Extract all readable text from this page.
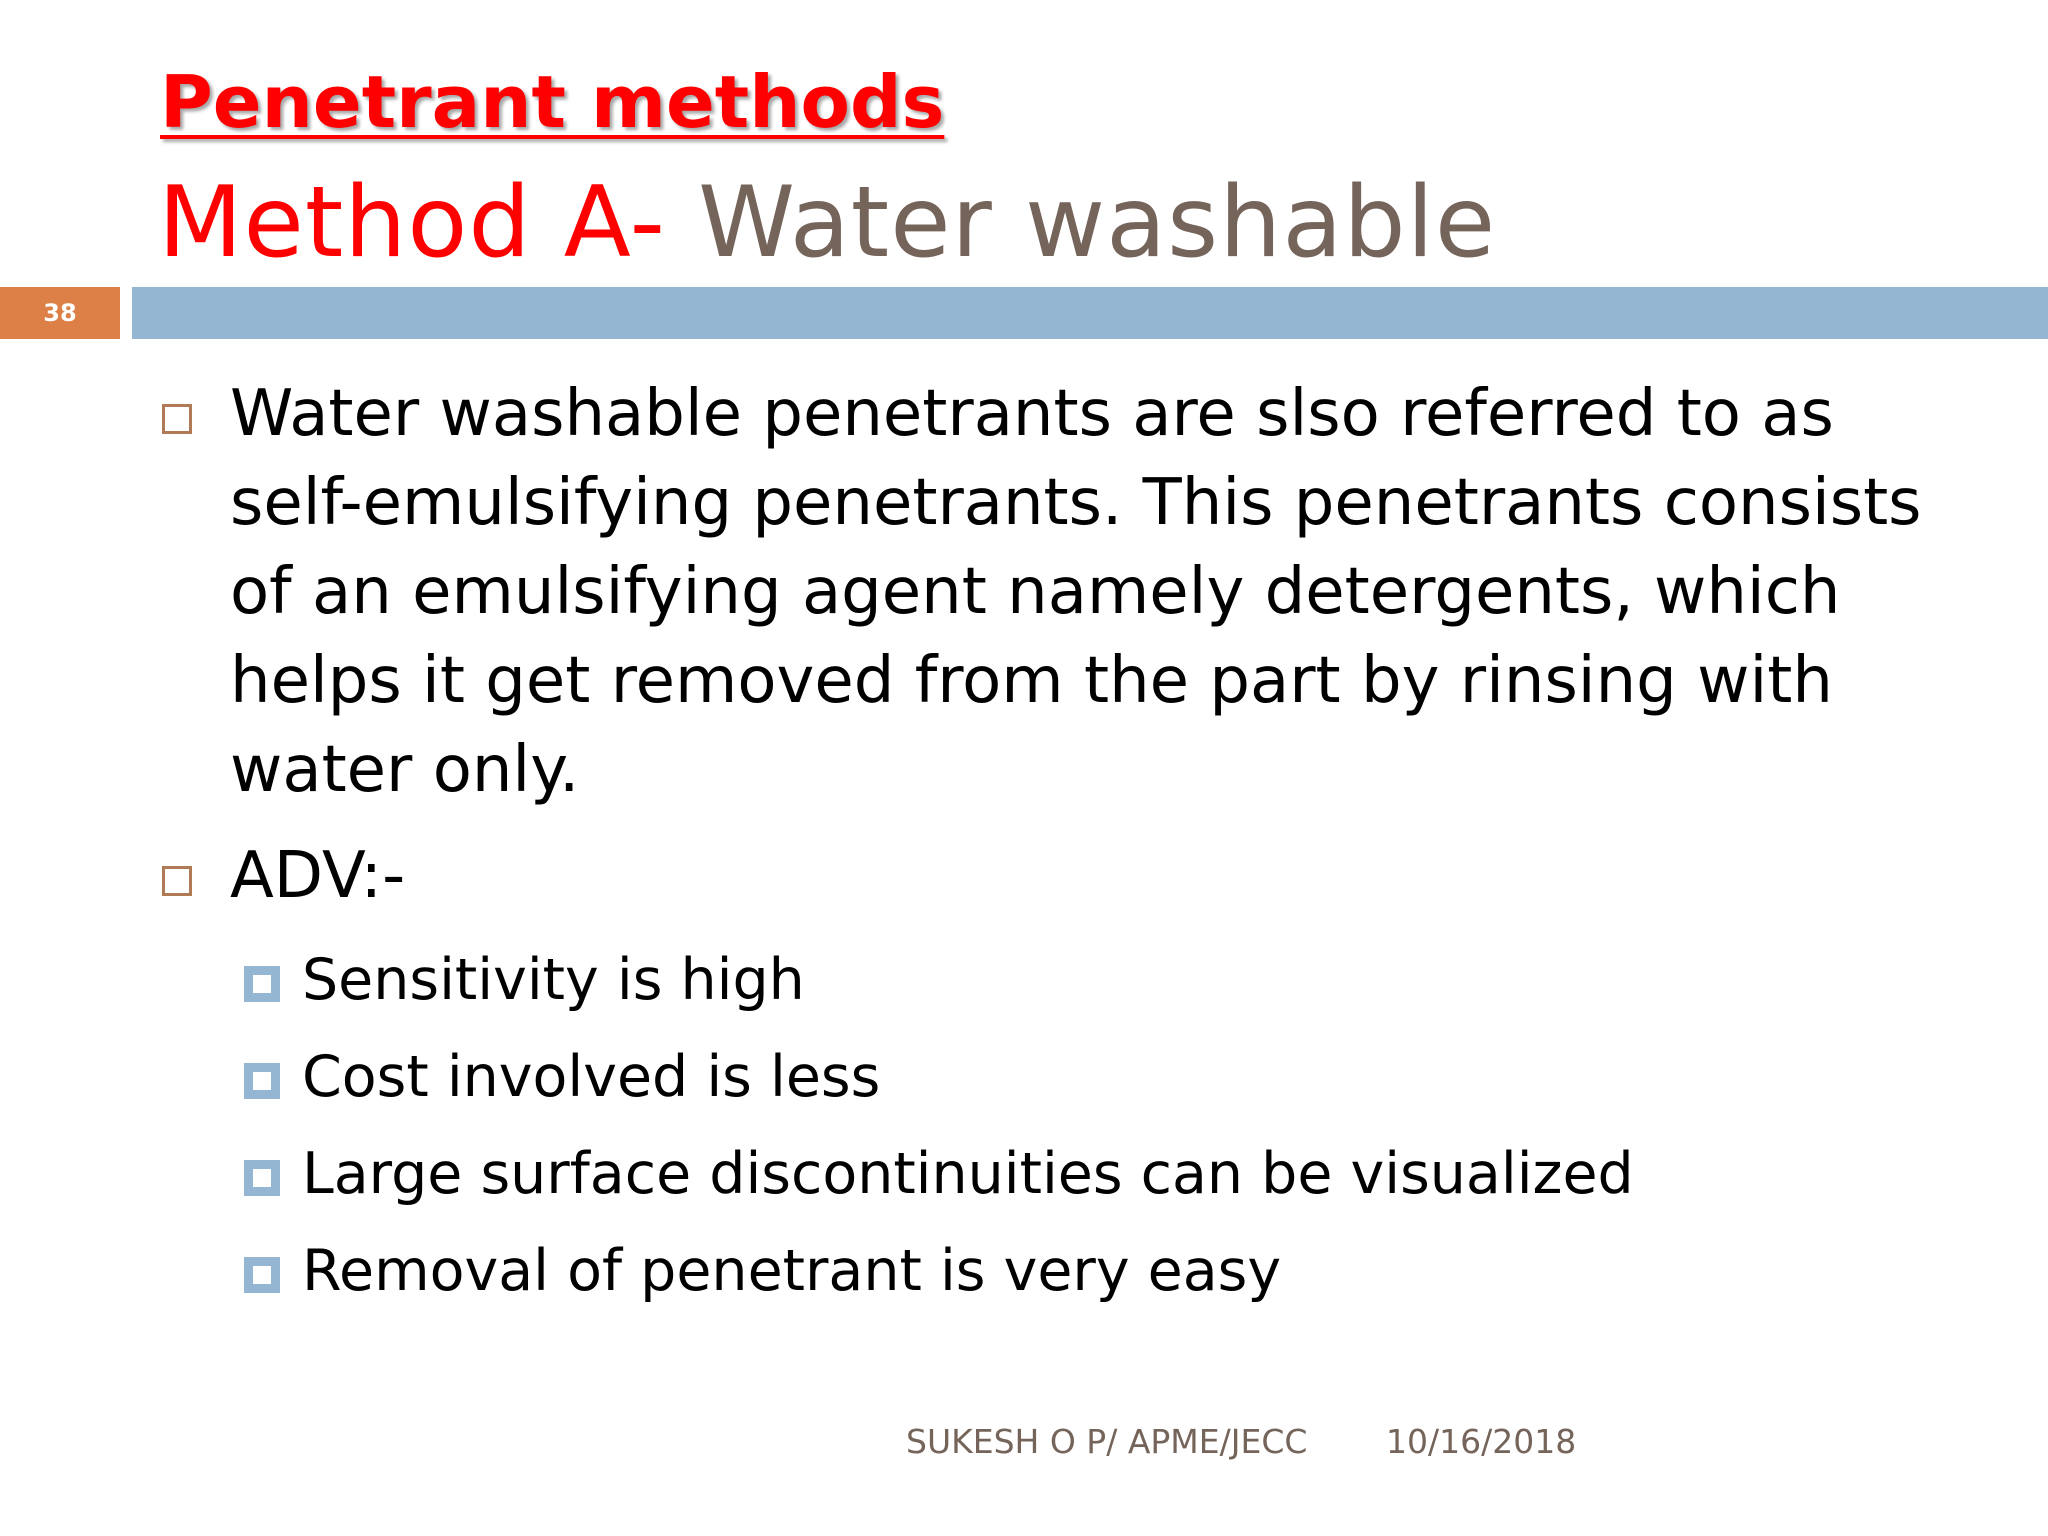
Penetrant methods
Method A- Water washable
38
Water washable penetrants are slso referred to as self-emulsifying penetrants. This penetrants consists of an emulsifying agent namely detergents, which helps it get removed from the part by rinsing with water only.
ADV:-
Sensitivity is high
Cost involved is less
Large surface discontinuities can be visualized
Removal of penetrant is very easy
SUKESH O P/ APME/JECC 10/16/2018
